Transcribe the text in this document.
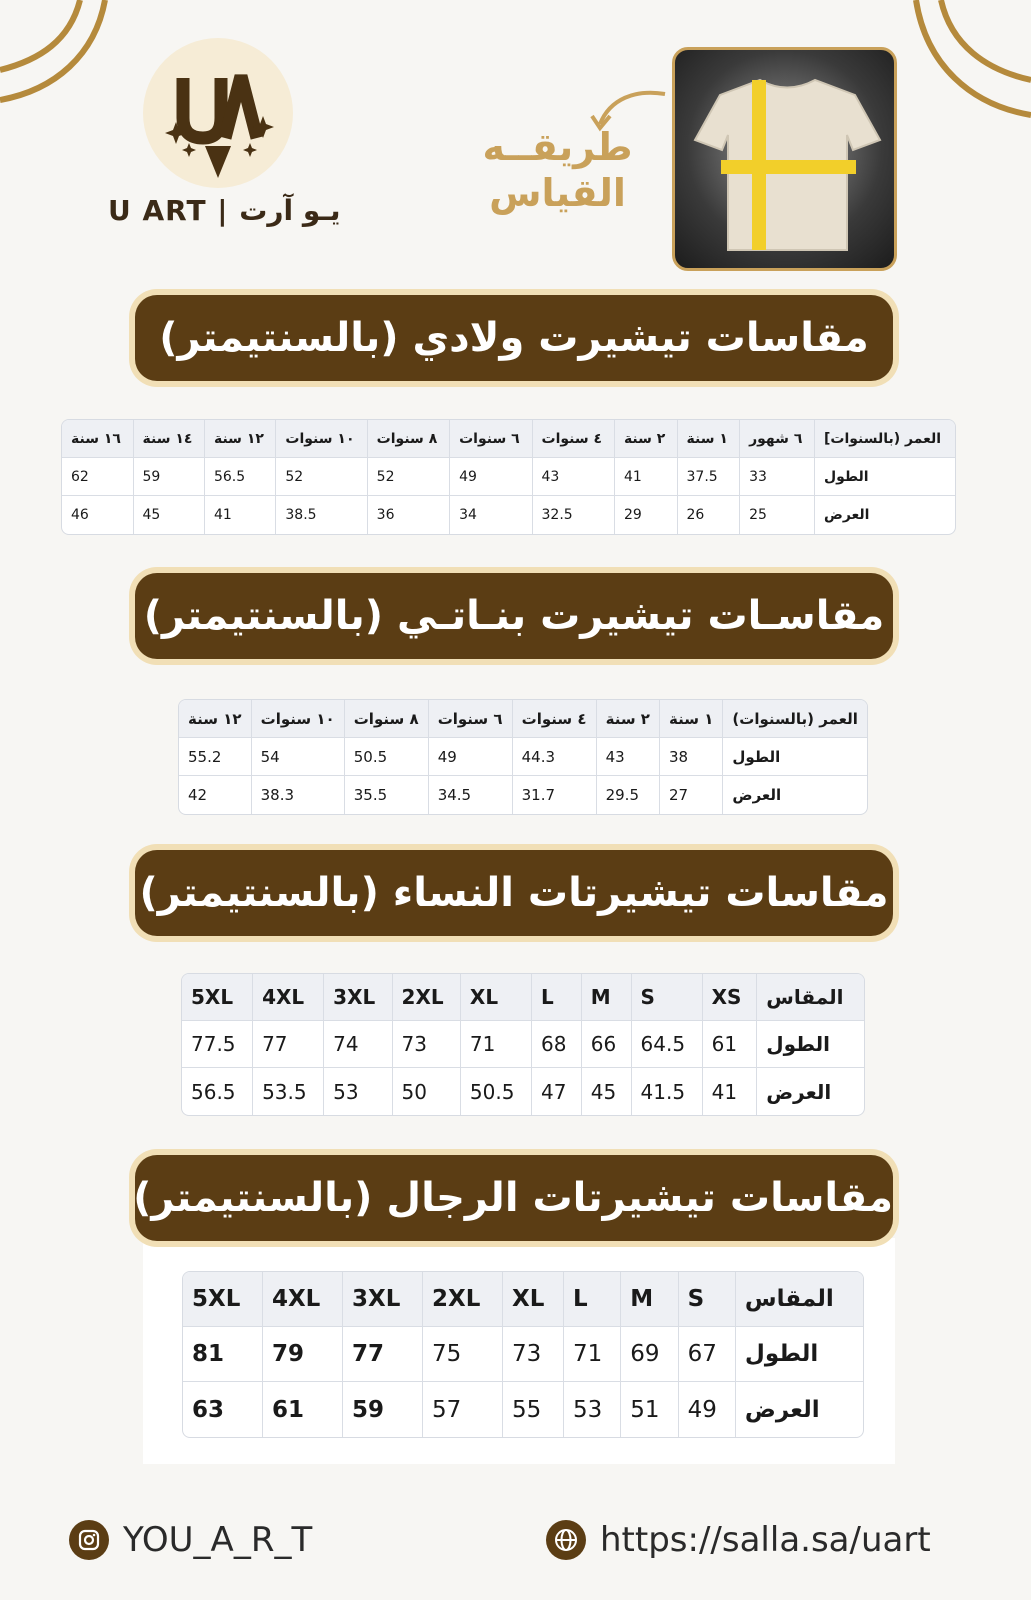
U ART | يـو آرت
طريقــه القياس
مقاسات تيشيرت ولادي (بالسنتيمتر)
العمر (بالسنوات]	٦ شهور	١ سنة	٢ سنة	٤ سنوات	٦ سنوات	٨ سنوات	١٠ سنوات	١٢ سنة	١٤ سنة	١٦ سنة
الطول	33	37.5	41	43	49	52	52	56.5	59	62
العرض	25	26	29	32.5	34	36	38.5	41	45	46
مقاسـات تيشيرت بنـاتـي (بالسنتيمتر)
العمر (بالسنوات)	١ سنة	٢ سنة	٤ سنوات	٦ سنوات	٨ سنوات	١٠ سنوات	١٢ سنة
الطول	38	43	44.3	49	50.5	54	55.2
العرض	27	29.5	31.7	34.5	35.5	38.3	42
مقاسات تيشيرتات النساء (بالسنتيمتر)
المقاس	XS	S	M	L	XL	2XL	3XL	4XL	5XL
الطول	61	64.5	66	68	71	73	74	77	77.5
العرض	41	41.5	45	47	50.5	50	53	53.5	56.5
مقاسات تيشيرتات الرجال (بالسنتيمتر)
المقاس	S	M	L	XL	2XL	3XL	4XL	5XL
الطول	67	69	71	73	75	77	79	81
العرض	49	51	53	55	57	59	61	63
YOU_A_R_T	https://salla.sa/uart
